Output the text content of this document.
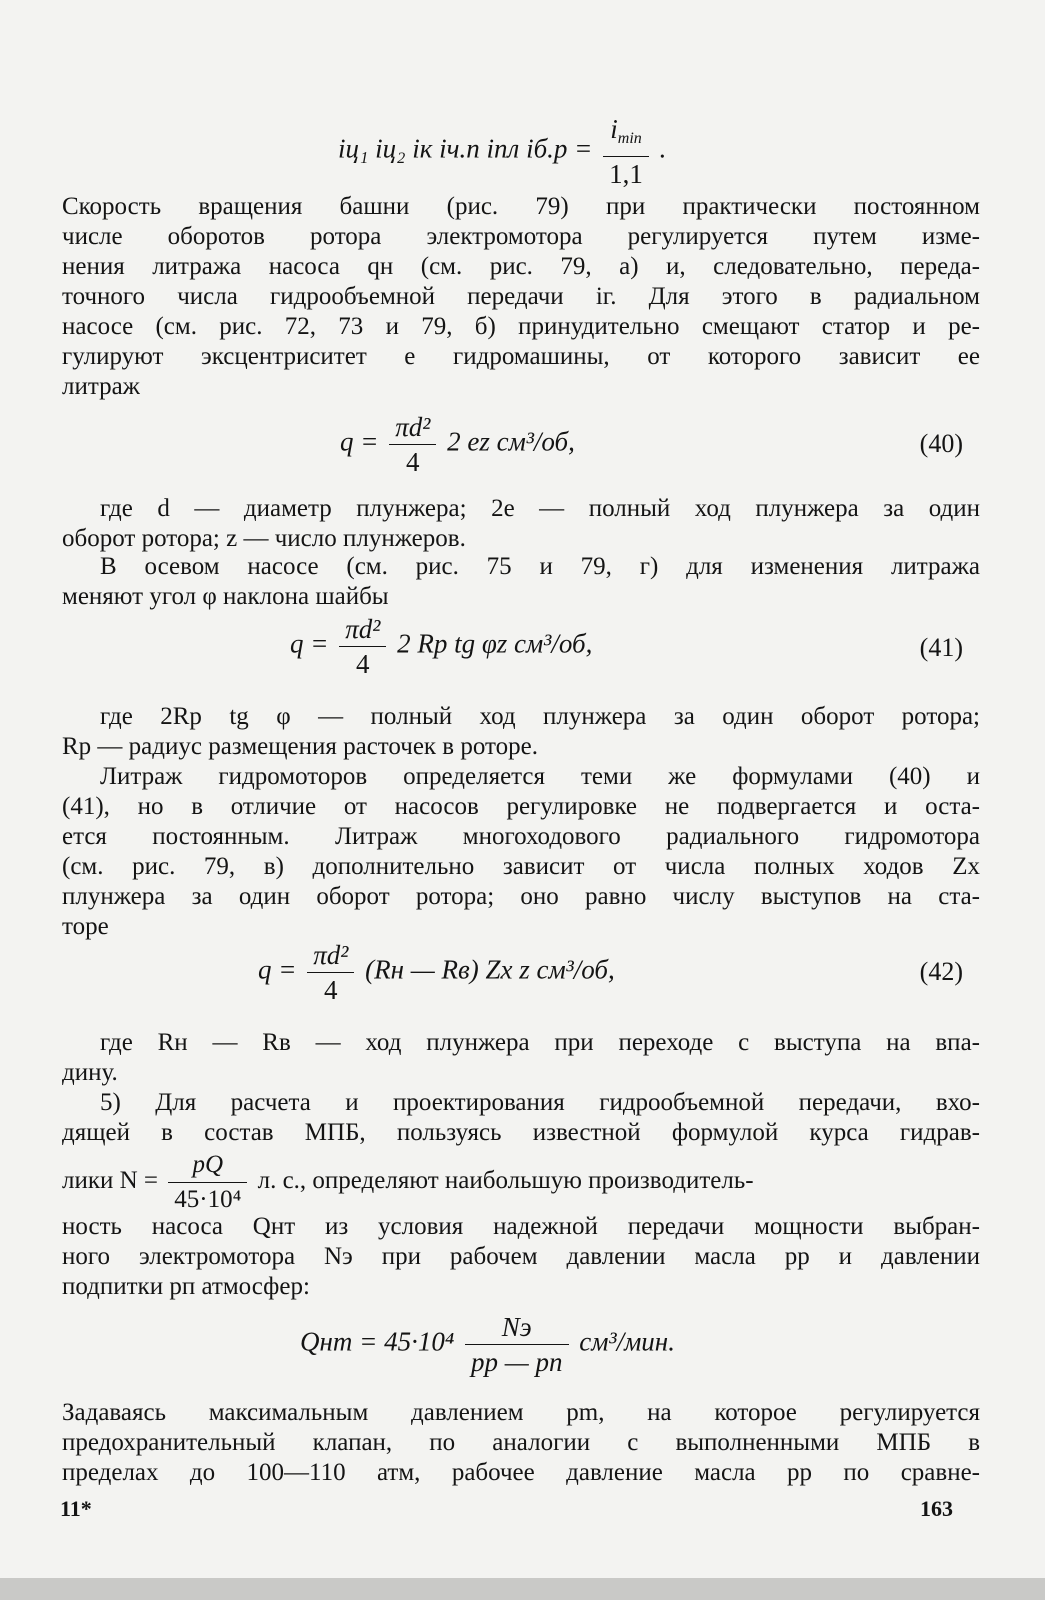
iц₁ iц₂ iк iч.п iпл $iб.р = \frac{i_{min}}{1,1}$ .
Скорость вращения башни (рис. 79) при практически постоянном
числе оборотов ротора электромотора регулируется путем изме-
нения литража насоса qн (см. рис. 79, а) и, следовательно, переда-
точного числа гидрообъемной передачи iг. Для этого в радиальном
насосе (см. рис. 72, 73 и 79, б) принудительно смещают статор и ре-
гулируют эксцентриситет e гидромашины, от которого зависит ее
литраж
$q = \frac{\text{πd²}}{4} 2$ ez см³/об,	(40)
где d — диаметр плунжера; 2e — полный ход плунжера за один
оборот ротора; z — число плунжеров.
В осевом насосе (см. рис. 75 и 79, г) для изменения литража
меняют угол φ наклона шайбы
$q = \frac{\text{πd²}}{4} 2$ Rр tg φz см³/об,	(41)
где 2Rр tg φ — полный ход плунжера за один оборот ротора;
Rр — радиус размещения расточек в роторе.
Литраж гидромоторов определяется теми же формулами (40) и
(41), но в отличие от насосов регулировке не подвергается и оста-
ется постоянным. Литраж многоходового радиального гидромотора
(см. рис. 79, в) дополнительно зависит от числа полных ходов Zx
плунжера за один оборот ротора; оно равно числу выступов на ста-
торе
$q = \frac{\text{πd²}}{4} (Rн$ — Rв) Zx z см³/об,	(42)
где Rн — Rв — ход плунжера при переходе с выступа на впа-
дину.
5) Для расчета и проектирования гидрообъемной передачи, вхо-
дящей в состав МПБ, пользуясь известной формулой курса гидрав-
лики $N = \frac{pQ}{\text{45·10⁴}} л$. с., определяют наибольшую производитель-
ность насоса Qнт из условия надежной передачи мощности выбран-
ного электромотора Nэ при рабочем давлении масла pр и давлении
подпитки pп атмосфер:
Qнт = $45\cdot 10^4 \frac{Nэ}{pр — pп} см^3/мин$.
Задаваясь максимальным давлением pm, на которое регулируется
предохранительный клапан, по аналогии с выполненными МПБ в
пределах до 100—110 атм, рабочее давление масла pр по сравне-
11*	163
